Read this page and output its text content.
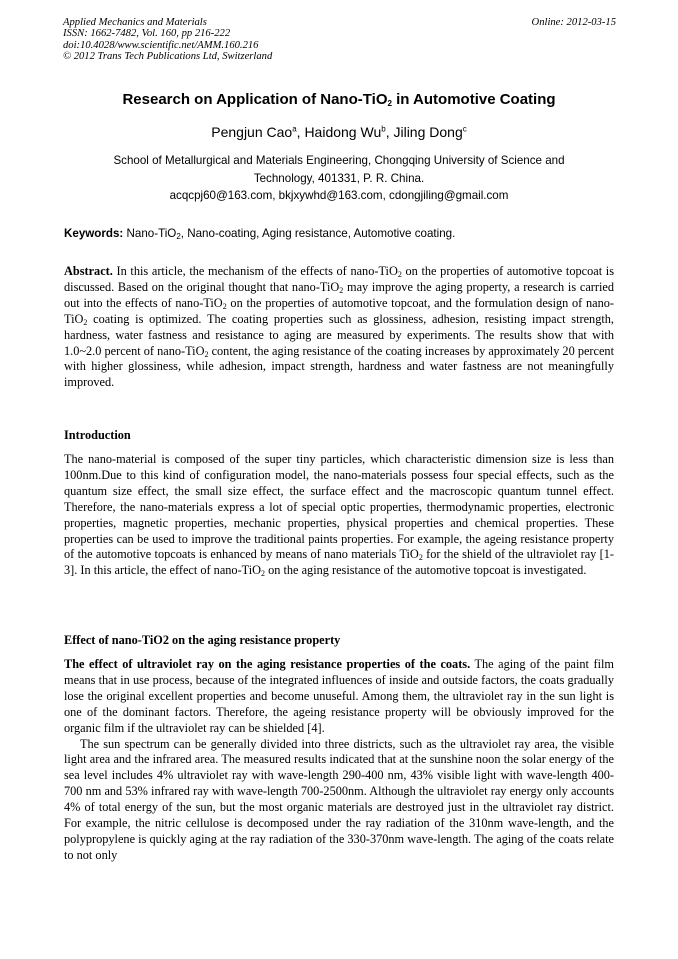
Applied Mechanics and Materials
ISSN: 1662-7482, Vol. 160, pp 216-222
doi:10.4028/www.scientific.net/AMM.160.216
© 2012 Trans Tech Publications Ltd, Switzerland
Online: 2012-03-15
Research on Application of Nano-TiO$_2$ in Automotive Coating
Pengjun Cao$^a$, Haidong Wu$^b$, Jiling Dong$^c$
School of Metallurgical and Materials Engineering, Chongqing University of Science and
Technology, 401331, P. R. China.
acqcpj60@163.com, bkjxywhd@163.com, cdongjiling@gmail.com
Keywords: Nano-TiO$_2$, Nano-coating, Aging resistance, Automotive coating.

Abstract. In this article, the mechanism of the effects of nano-TiO$_2$ on the properties of automotive topcoat is discussed. Based on the original thought that nano-TiO$_2$ may improve the aging property, a research is carried out into the effects of nano-TiO$_2$ on the properties of automotive topcoat, and the formulation design of nano-TiO$_2$ coating is optimized. The coating properties such as glossiness, adhesion, resisting impact strength, hardness, water fastness and resistance to aging are measured by experiments. The results show that with 1.0~2.0 percent of nano-TiO$_2$ content, the aging resistance of the coating increases by approximately 20 percent with higher glossiness, while adhesion, impact strength, hardness and water fastness are not meaningfully improved.

Introduction

The nano-material is composed of the super tiny particles, which characteristic dimension size is less than 100nm.Due to this kind of configuration model, the nano-materials possess four special effects, such as the quantum size effect, the small size effect, the surface effect and the macroscopic quantum tunnel effect. Therefore, the nano-materials express a lot of special optic properties, thermodynamic properties, electronic properties, magnetic properties, mechanic properties, physical properties and chemical properties. These properties can be used to improve the traditional paints properties. For example, the ageing resistance property of the automotive topcoats is enhanced by means of nano materials TiO$_2$ for the shield of the ultraviolet ray [1-3]. In this article, the effect of nano-TiO$_2$ on the aging resistance of the automotive topcoat is investigated.

Effect of nano-TiO2 on the aging resistance property

The effect of ultraviolet ray on the aging resistance properties of the coats. The aging of the paint film means that in use process, because of the integrated influences of inside and outside factors, the coats gradually lose the original excellent properties and become unuseful. Among them, the ultraviolet ray in the sun light is one of the dominant factors. Therefore, the ageing resistance property will be obviously improved for the organic film if the ultraviolet ray can be shielded [4].

The sun spectrum can be generally divided into three districts, such as the ultraviolet ray area, the visible light area and the infrared area. The measured results indicated that at the sunshine noon the solar energy of the sea level includes 4% ultraviolet ray with wave-length 290-400 nm, 43% visible light with wave-length 400-700 nm and 53% infrared ray with wave-length 700-2500nm. Although the ultraviolet ray energy only accounts 4% of total energy of the sun, but the most organic materials are destroyed just in the ultraviolet ray district. For example, the nitric cellulose is decomposed under the ray radiation of the 310nm wave-length, and the polypropylene is quickly aging at the ray radiation of the 330-370nm wave-length. The aging of the coats relate to not only
